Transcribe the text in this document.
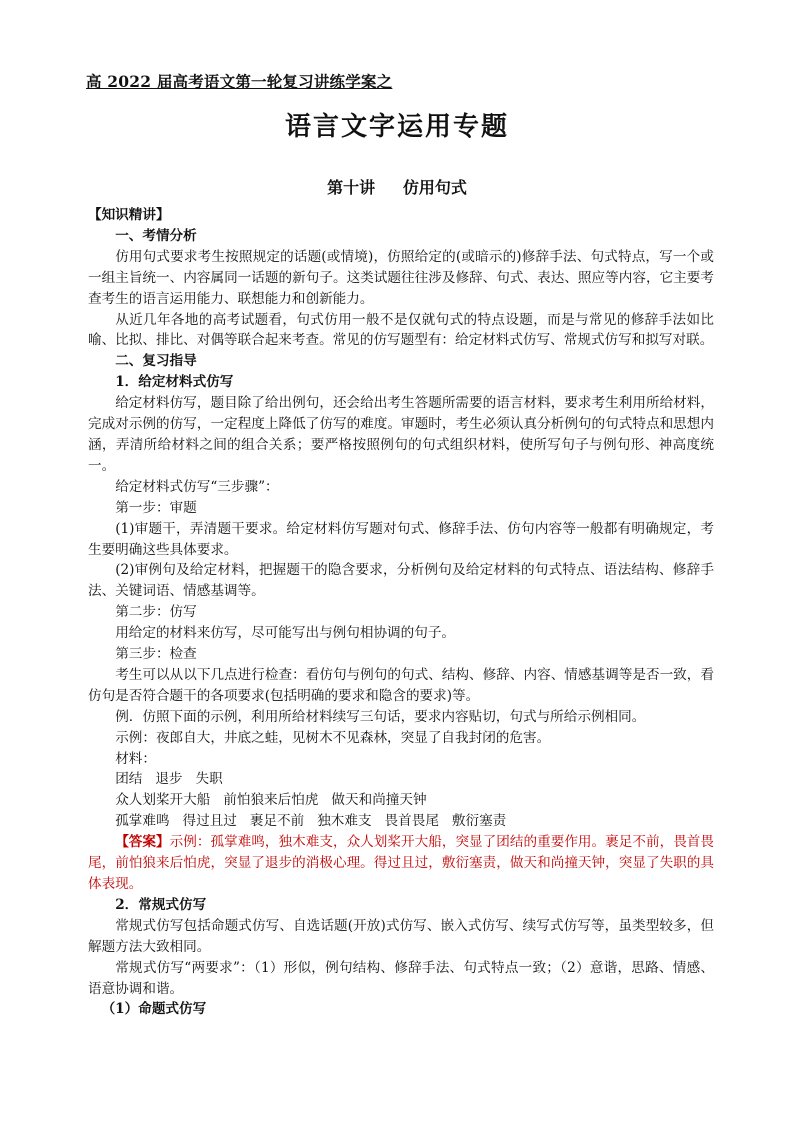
高 2022 届高考语文第一轮复习讲练学案之
语言文字运用专题
第十讲     仿用句式

【知识精讲】

一、考情分析

仿用句式要求考生按照规定的话题(或情境)，仿照给定的(或暗示的)修辞手法、句式特点，写一个或一组主旨统一、内容属同一话题的新句子。这类试题往往涉及修辞、句式、表达、照应等内容，它主要考查考生的语言运用能力、联想能力和创新能力。

从近几年各地的高考试题看，句式仿用一般不是仅就句式的特点设题，而是与常见的修辞手法如比喻、比拟、排比、对偶等联合起来考查。常见的仿写题型有：给定材料式仿写、常规式仿写和拟写对联。

二、复习指导

1．给定材料式仿写

给定材料仿写，题目除了给出例句，还会给出考生答题所需要的语言材料，要求考生利用所给材料，完成对示例的仿写，一定程度上降低了仿写的难度。审题时，考生必须认真分析例句的句式特点和思想内涵，弄清所给材料之间的组合关系；要严格按照例句的句式组织材料，使所写句子与例句形、神高度统一。

给定材料式仿写“三步骤”：

第一步：审题

(1)审题干，弄清题干要求。给定材料仿写题对句式、修辞手法、仿句内容等一般都有明确规定，考生要明确这些具体要求。

(2)审例句及给定材料，把握题干的隐含要求，分析例句及给定材料的句式特点、语法结构、修辞手法、关键词语、情感基调等。

第二步：仿写

用给定的材料来仿写，尽可能写出与例句相协调的句子。

第三步：检查

考生可以从以下几点进行检查：看仿句与例句的句式、结构、修辞、内容、情感基调等是否一致，看仿句是否符合题干的各项要求(包括明确的要求和隐含的要求)等。

例．仿照下面的示例，利用所给材料续写三句话，要求内容贴切，句式与所给示例相同。

示例：夜郎自大，井底之蛙，见树木不见森林，突显了自我封闭的危害。

材料：

团结   退步   失职

众人划桨开大船   前怕狼来后怕虎   做天和尚撞天钟

孤掌难鸣   得过且过   裹足不前   独木难支   畏首畏尾   敷衍塞责

【答案】示例：孤掌难鸣，独木难支，众人划桨开大船，突显了团结的重要作用。裹足不前，畏首畏尾，前怕狼来后怕虎，突显了退步的消极心理。得过且过，敷衍塞责，做天和尚撞天钟，突显了失职的具体表现。

2．常规式仿写

常规式仿写包括命题式仿写、自选话题(开放)式仿写、嵌入式仿写、续写式仿写等，虽类型较多，但解题方法大致相同。

常规式仿写“两要求”：（1）形似，例句结构、修辞手法、句式特点一致；（2）意谐，思路、情感、语意协调和谐。

（1）命题式仿写
